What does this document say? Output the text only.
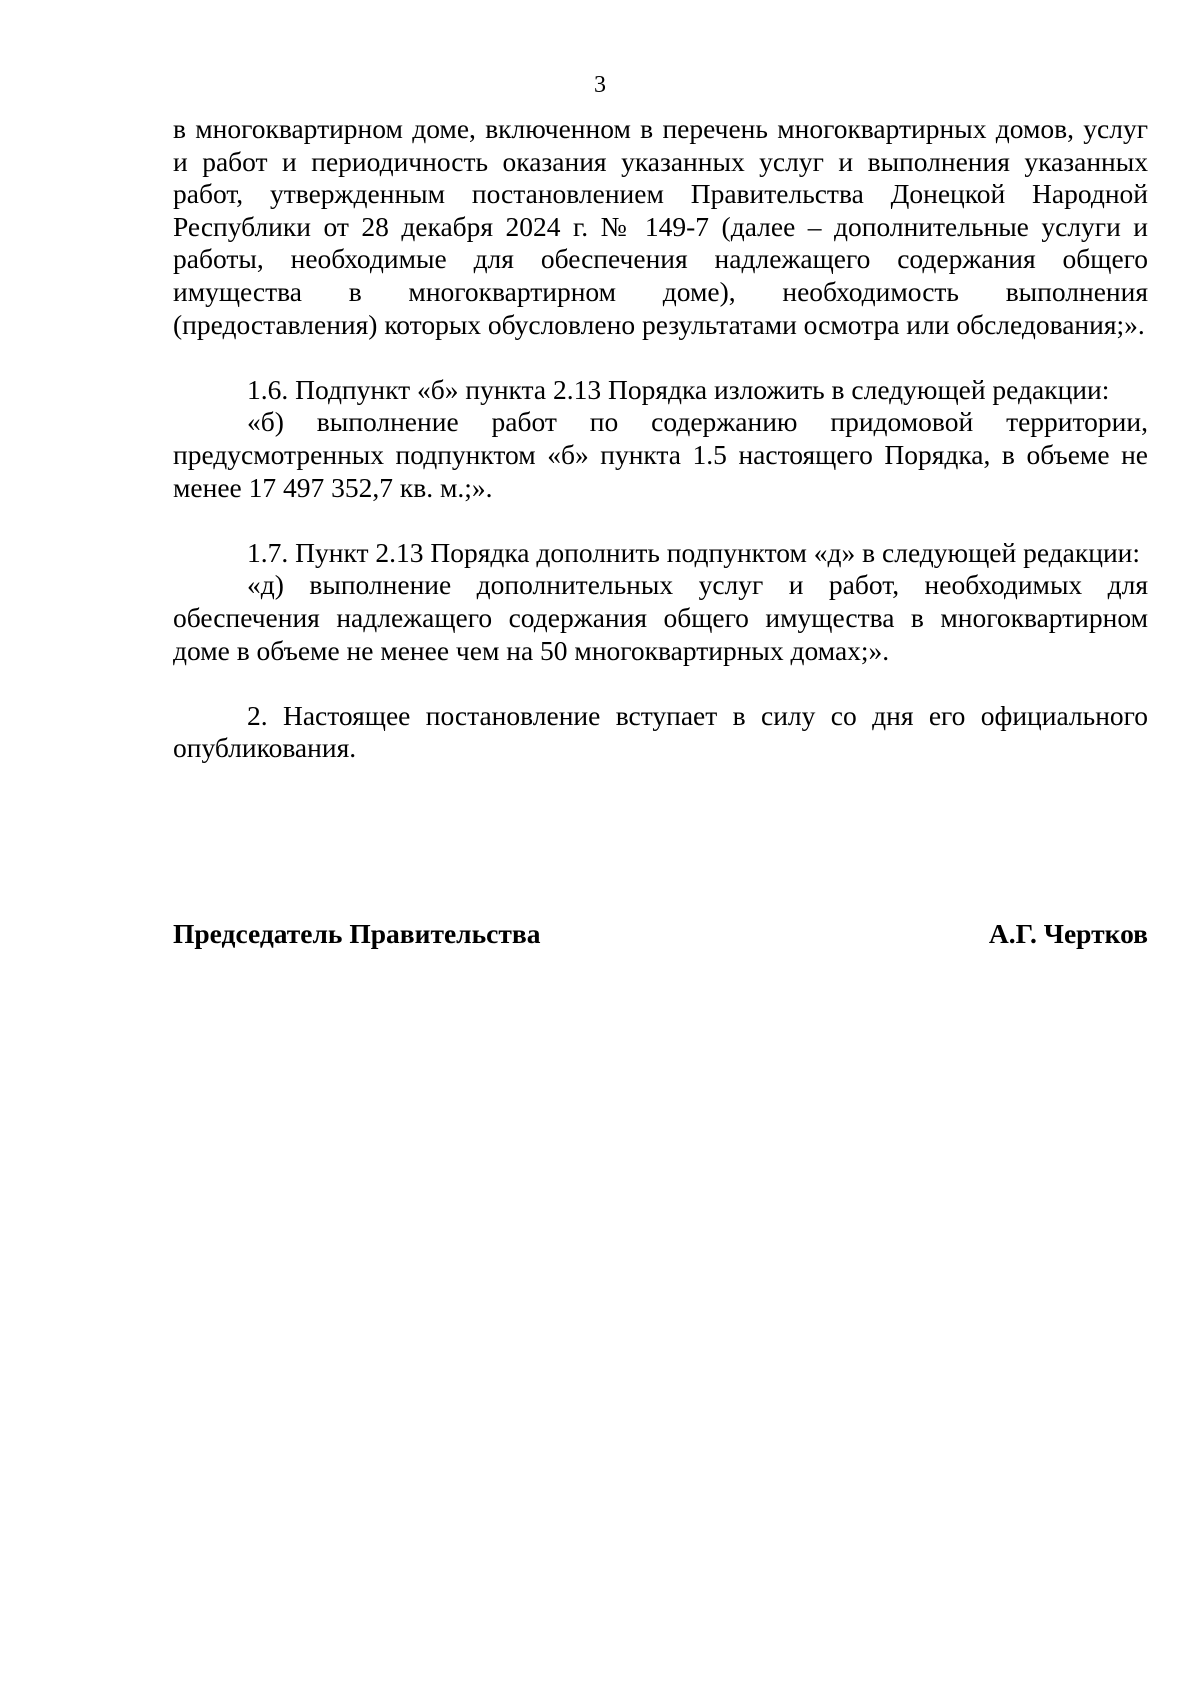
3

в многоквартирном доме, включенном в перечень многоквартирных домов, услуг и работ и периодичность оказания указанных услуг и выполнения указанных работ, утвержденным постановлением Правительства Донецкой Народной Республики от 28 декабря 2024 г. № 149-7 (далее – дополнительные услуги и работы, необходимые для обеспечения надлежащего содержания общего имущества в многоквартирном доме), необходимость выполнения (предоставления) которых обусловлено результатами осмотра или обследования;».

1.6. Подпункт «б» пункта 2.13 Порядка изложить в следующей редакции:

«б) выполнение работ по содержанию придомовой территории, предусмотренных подпунктом «б» пункта 1.5 настоящего Порядка, в объеме не менее 17 497 352,7 кв. м.;».

1.7. Пункт 2.13 Порядка дополнить подпунктом «д» в следующей редакции:

«д) выполнение дополнительных услуг и работ, необходимых для обеспечения надлежащего содержания общего имущества в многоквартирном доме в объеме не менее чем на 50 многоквартирных домах;».

2. Настоящее постановление вступает в силу со дня его официального опубликования.

Председатель Правительства	А.Г. Чертков
